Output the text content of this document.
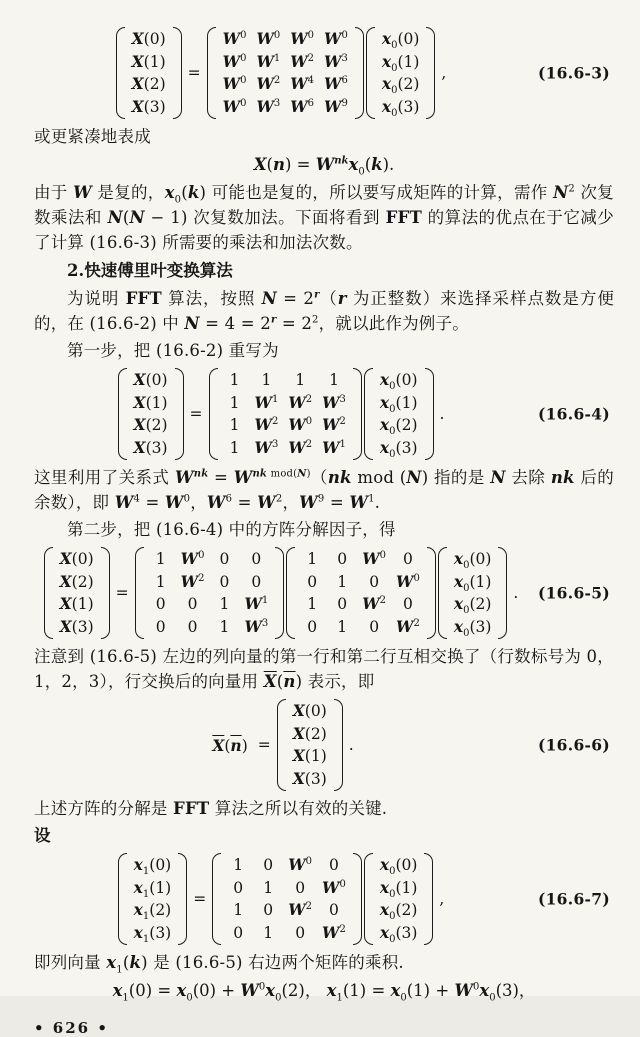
X(0)
X(1)
X(2)
X(3)
=
$W^0$ $W^0$ $W^0$ $W^0$
$W^0$ $W^1$ $W^2$ $W^3$
$W^0$ $W^2$ $W^4$ $W^6$
$W^0$ $W^3$ $W^6$ $W^9$
$x_0(0)$
$x_0(1)$
$x_0(2)$
$x_0(3)$
,	(16.6-3)

或更紧凑地表成

$X(n) = W^{nk}x_0(k)$.

由于 W 是复的，$x_0(k)$ 可能也是复的，所以要写成矩阵的计算，需作 $N^2$ 次复数乘法和 N(N − 1) 次复数加法。下面将看到 FFT 的算法的优点在于它减少了计算 (16.6-3) 所需要的乘法和加法次数。

2.快速傅里叶变换算法

为说明 FFT 算法，按照 $N = 2^r(r$ 为正整数）来选择采样点数是方便的，在 (16.6-2) 中 $N = 4 = 2^r = 2^2$，就以此作为例子。

第一步，把 (16.6-2) 重写为

X(0)
X(1)
X(2)
X(3)
=
1	1	1	1
1 $W^1$ $W^2$ $W^3$
1 $W^2$ $W^0$ $W^2$
1 $W^3$ $W^2$ $W^1$
$x_0(0)$
$x_0(1)$
$x_0(2)$
$x_0(3)$
.	(16.6-4)

这里利用了关系式 $W^{nk} = W^{nk mod(N)}(nk$ mod (N) 指的是 N 去除 nk 后的余数），即 $W^4 = W^0$，$W^6 = W^2$，$W^9 = W^1$.

第二步，把 (16.6-4) 中的方阵分解因子，得

X(0)
X(2)
X(1)
X(3)
=
1 $W^0$ 0	0
1 $W^2$ 0	0
0	0	1 $W^1$
0	0	1 $W^3$
1	0 $W^0$	0
0	1	0	$W^0$
1	0 $W^2$	0
0	1	0	$W^2$
$x_0(0)$
$x_0(1)$
$x_0(2)$
$x_0(3)$
. (16.6-5)

注意到 (16.6-5) 左边的列向量的第一行和第二行互相交换了（行数标号为 0，1，2，3），行交换后的向量用 $\overline{X}(\overline{n})$ 表示，即

$\overline{X}(\overline{n})$ =
X(0)
X(2)
X(1)
X(3)
.	(16.6-6)

上述方阵的分解是 FFT 算法之所以有效的关键.

设

$x_1(0)$
$x_1(1)$
$x_1(2)$
$x_1(3)$
=
1	0 $W^0$	0
0	1	0	$W^0$
1	0 $W^2$	0
0	1	0	$W^2$
$x_0(0)$
$x_0(1)$
$x_0(2)$
$x_0(3)$
,	(16.6-7)

即列向量 $x_1(k)$ 是 (16.6-5) 右边两个矩阵的乘积.

$x_1(0) = x_0(0) + W^0x_0(2)$， $x_1(1) = x_0(1) + W^0x_0(3)$，

• 626 •
